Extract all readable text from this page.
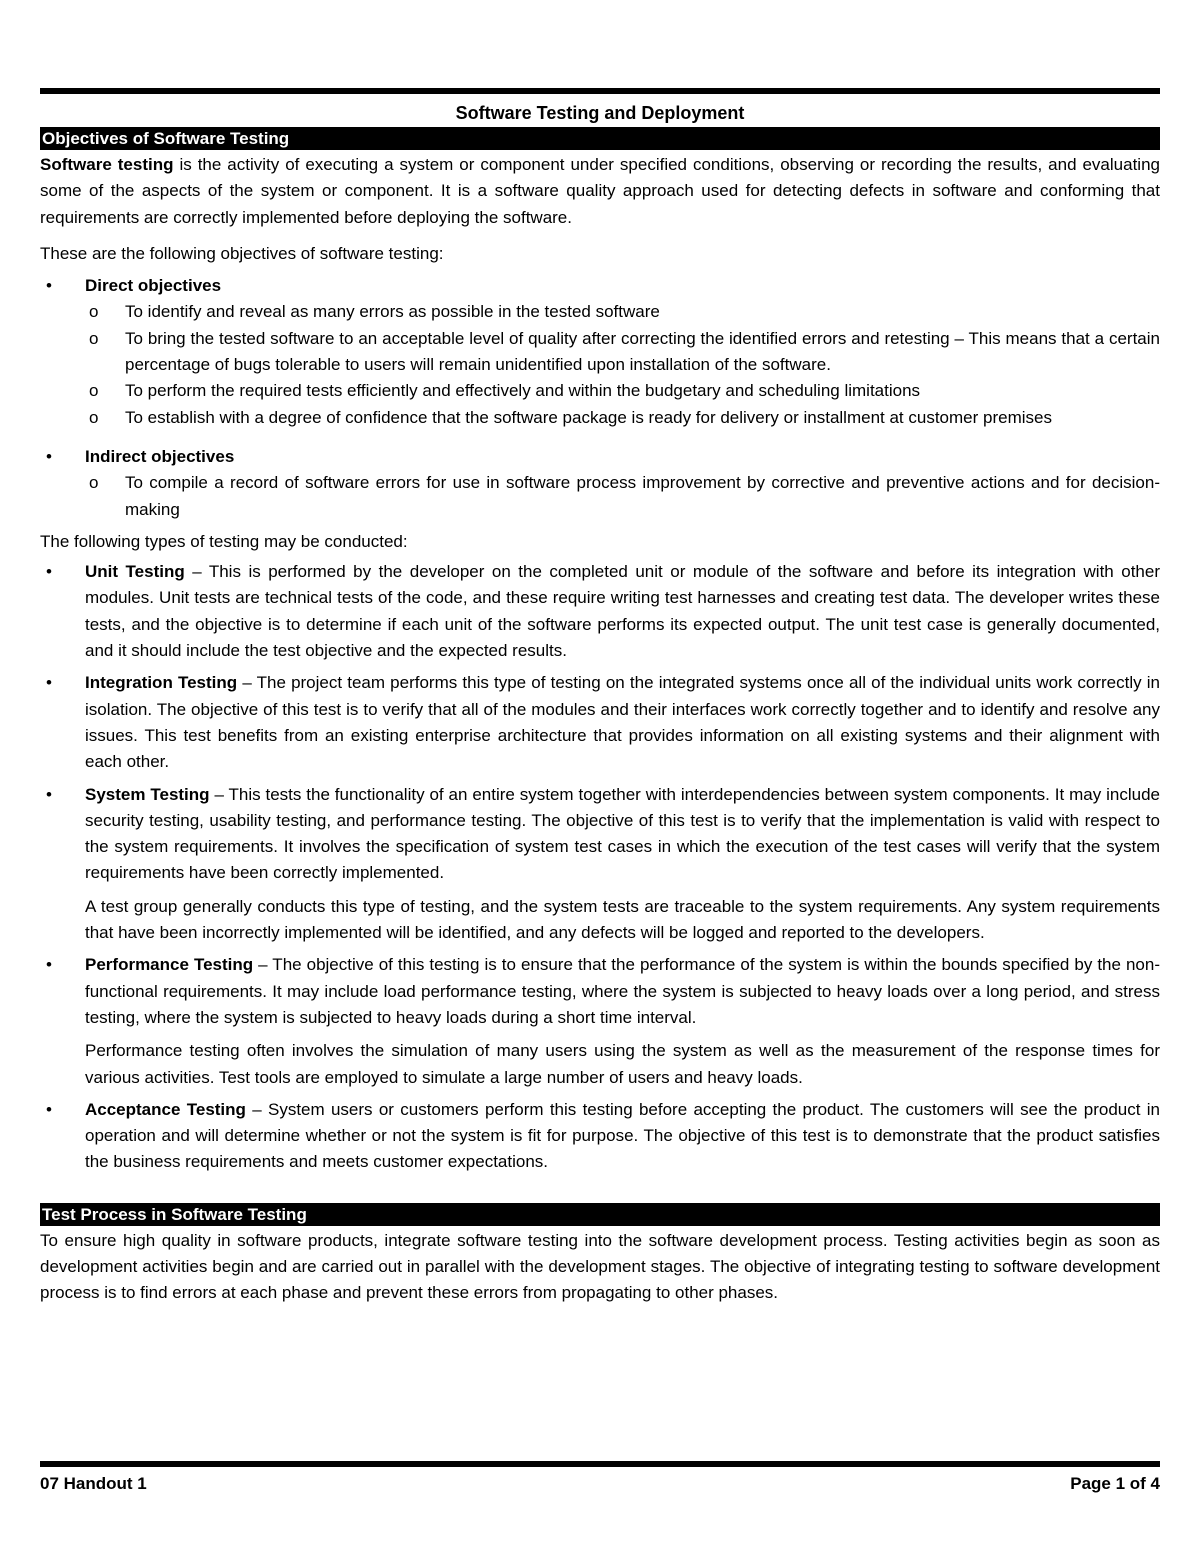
Software Testing and Deployment
Objectives of Software Testing

Software testing is the activity of executing a system or component under specified conditions, observing or recording the results, and evaluating some of the aspects of the system or component. It is a software quality approach used for detecting defects in software and conforming that requirements are correctly implemented before deploying the software.

These are the following objectives of software testing:

• Direct objectives
o To identify and reveal as many errors as possible in the tested software
o To bring the tested software to an acceptable level of quality after correcting the identified errors and retesting – This means that a certain percentage of bugs tolerable to users will remain unidentified upon installation of the software.
o To perform the required tests efficiently and effectively and within the budgetary and scheduling limitations
o To establish with a degree of confidence that the software package is ready for delivery or installment at customer premises
• Indirect objectives
o To compile a record of software errors for use in software process improvement by corrective and preventive actions and for decision-making

The following types of testing may be conducted:

• Unit Testing – This is performed by the developer on the completed unit or module of the software and before its integration with other modules. Unit tests are technical tests of the code, and these require writing test harnesses and creating test data. The developer writes these tests, and the objective is to determine if each unit of the software performs its expected output. The unit test case is generally documented, and it should include the test objective and the expected results.
• Integration Testing – The project team performs this type of testing on the integrated systems once all of the individual units work correctly in isolation. The objective of this test is to verify that all of the modules and their interfaces work correctly together and to identify and resolve any issues. This test benefits from an existing enterprise architecture that provides information on all existing systems and their alignment with each other.
• System Testing – This tests the functionality of an entire system together with interdependencies between system components. It may include security testing, usability testing, and performance testing. The objective of this test is to verify that the implementation is valid with respect to the system requirements. It involves the specification of system test cases in which the execution of the test cases will verify that the system requirements have been correctly implemented.
A test group generally conducts this type of testing, and the system tests are traceable to the system requirements. Any system requirements that have been incorrectly implemented will be identified, and any defects will be logged and reported to the developers.
• Performance Testing – The objective of this testing is to ensure that the performance of the system is within the bounds specified by the non-functional requirements. It may include load performance testing, where the system is subjected to heavy loads over a long period, and stress testing, where the system is subjected to heavy loads during a short time interval.
Performance testing often involves the simulation of many users using the system as well as the measurement of the response times for various activities. Test tools are employed to simulate a large number of users and heavy loads.
• Acceptance Testing – System users or customers perform this testing before accepting the product. The customers will see the product in operation and will determine whether or not the system is fit for purpose. The objective of this test is to demonstrate that the product satisfies the business requirements and meets customer expectations.
Test Process in Software Testing

To ensure high quality in software products, integrate software testing into the software development process. Testing activities begin as soon as development activities begin and are carried out in parallel with the development stages. The objective of integrating testing to software development process is to find errors at each phase and prevent these errors from propagating to other phases.

07 Handout 1	Page 1 of 4
